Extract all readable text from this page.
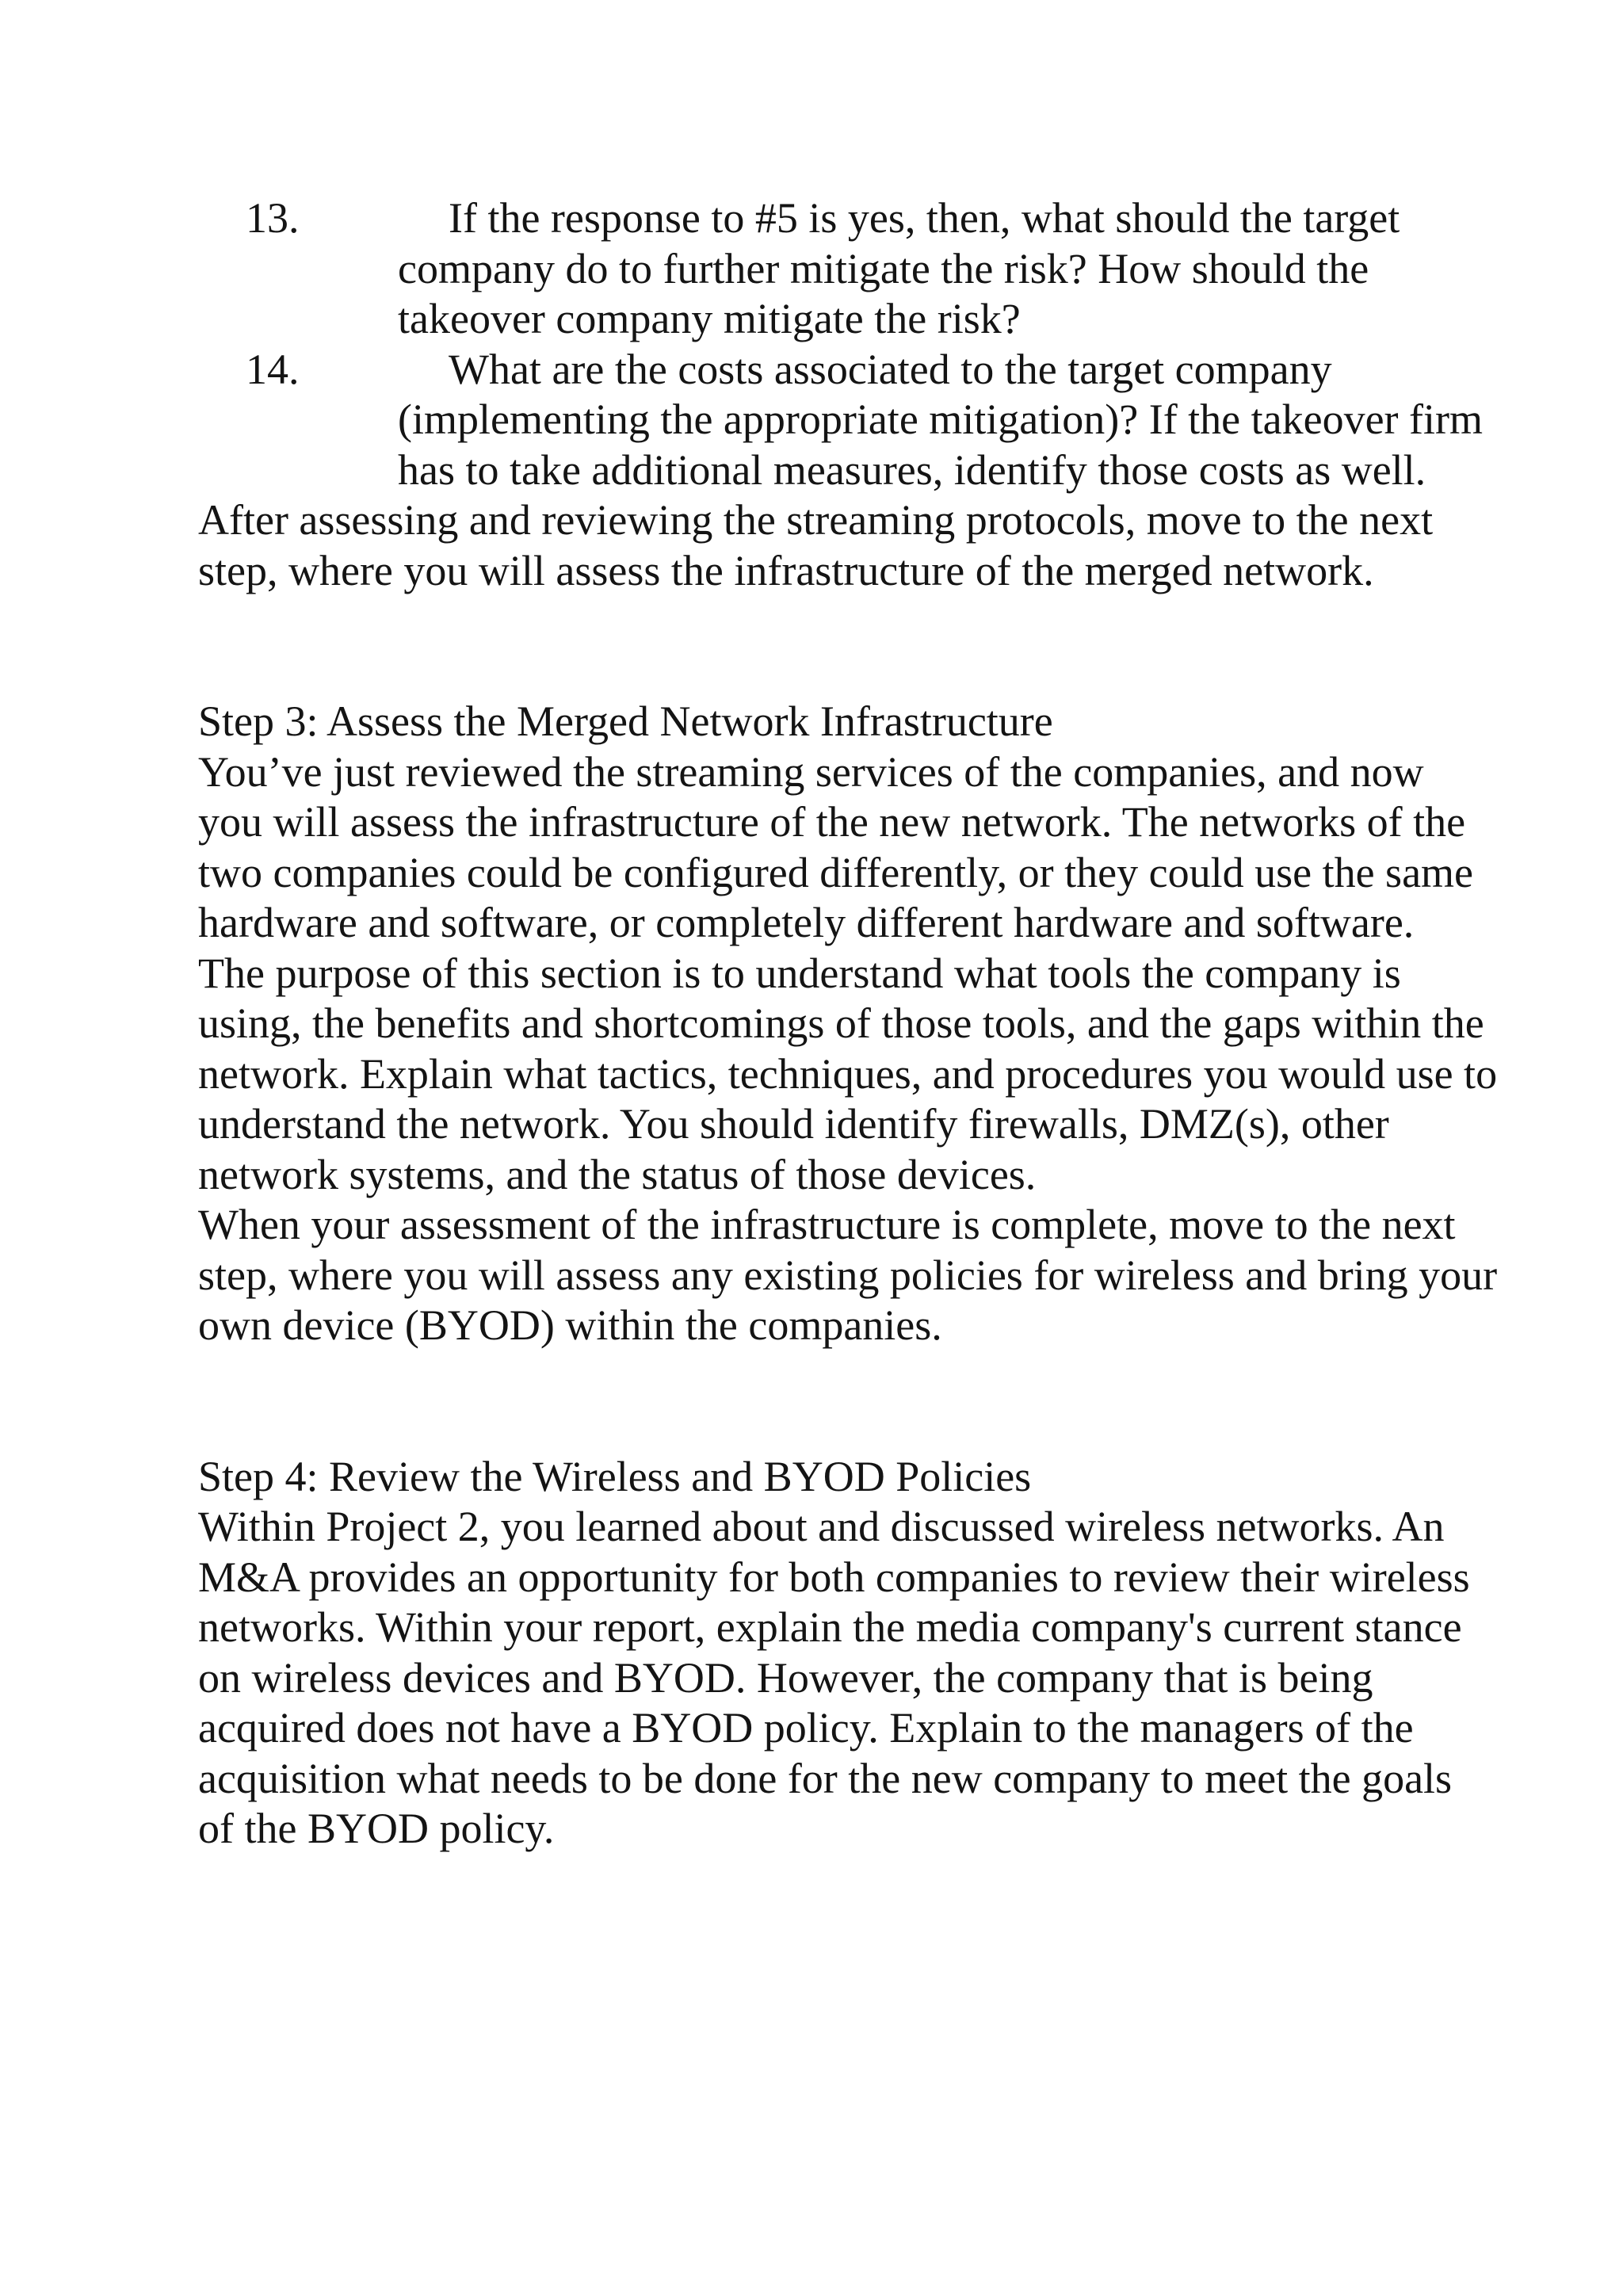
13.	If the response to #5 is yes, then, what should the target
company do to further mitigate the risk? How should the
takeover company mitigate the risk?
14.	What are the costs associated to the target company
(implementing the appropriate mitigation)? If the takeover firm
has to take additional measures, identify those costs as well.

After assessing and reviewing the streaming protocols, move to the next step, where you will assess the infrastructure of the merged network.

Step 3: Assess the Merged Network Infrastructure

You’ve just reviewed the streaming services of the companies, and now you will assess the infrastructure of the new network. The networks of the two companies could be configured differently, or they could use the same hardware and software, or completely different hardware and software.

The purpose of this section is to understand what tools the company is using, the benefits and shortcomings of those tools, and the gaps within the network. Explain what tactics, techniques, and procedures you would use to understand the network. You should identify firewalls, DMZ(s), other network systems, and the status of those devices.

When your assessment of the infrastructure is complete, move to the next step, where you will assess any existing policies for wireless and bring your own device (BYOD) within the companies.

Step 4: Review the Wireless and BYOD Policies

Within Project 2, you learned about and discussed wireless networks. An M&A provides an opportunity for both companies to review their wireless networks. Within your report, explain the media company's current stance on wireless devices and BYOD. However, the company that is being acquired does not have a BYOD policy. Explain to the managers of the acquisition what needs to be done for the new company to meet the goals of the BYOD policy.
